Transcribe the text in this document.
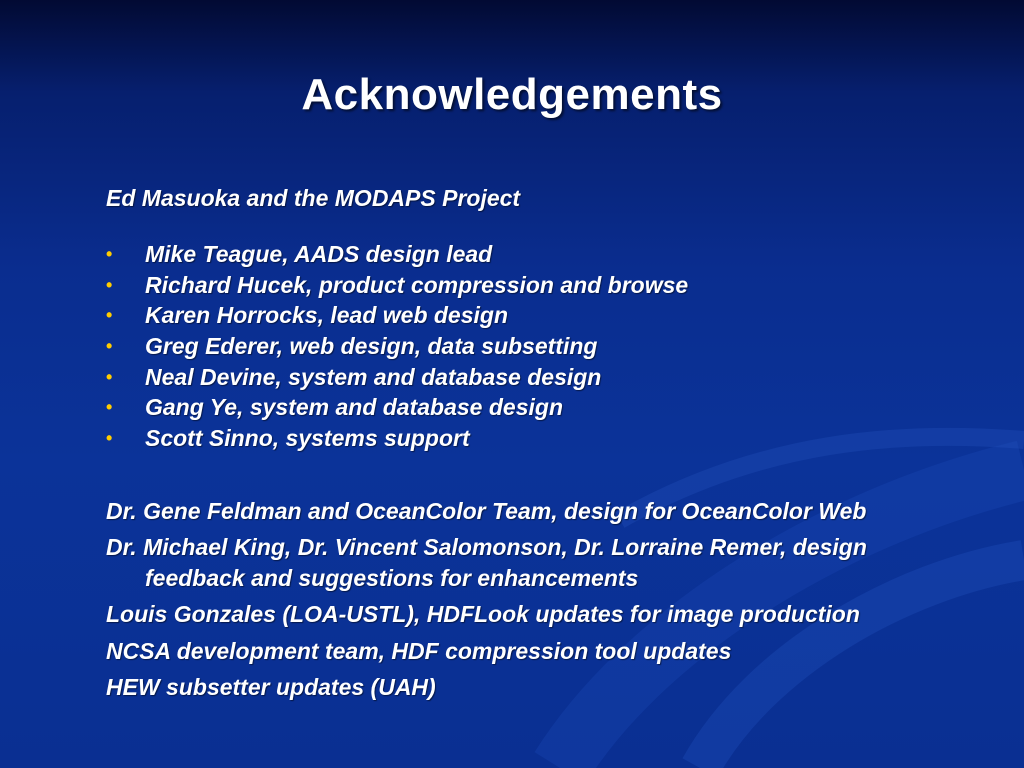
Acknowledgements

Ed Masuoka and the MODAPS Project

• Mike Teague, AADS design lead
• Richard Hucek, product compression and browse
• Karen Horrocks, lead web design
• Greg Ederer, web design, data subsetting
• Neal Devine, system and database design
• Gang Ye, system and database design
• Scott Sinno, systems support

Dr. Gene Feldman and OceanColor Team, design for OceanColor Web

Dr. Michael King, Dr. Vincent Salomonson, Dr. Lorraine Remer, design feedback and suggestions for enhancements

Louis Gonzales (LOA-USTL), HDFLook updates for image production

NCSA development team, HDF compression tool updates

HEW subsetter updates (UAH)
